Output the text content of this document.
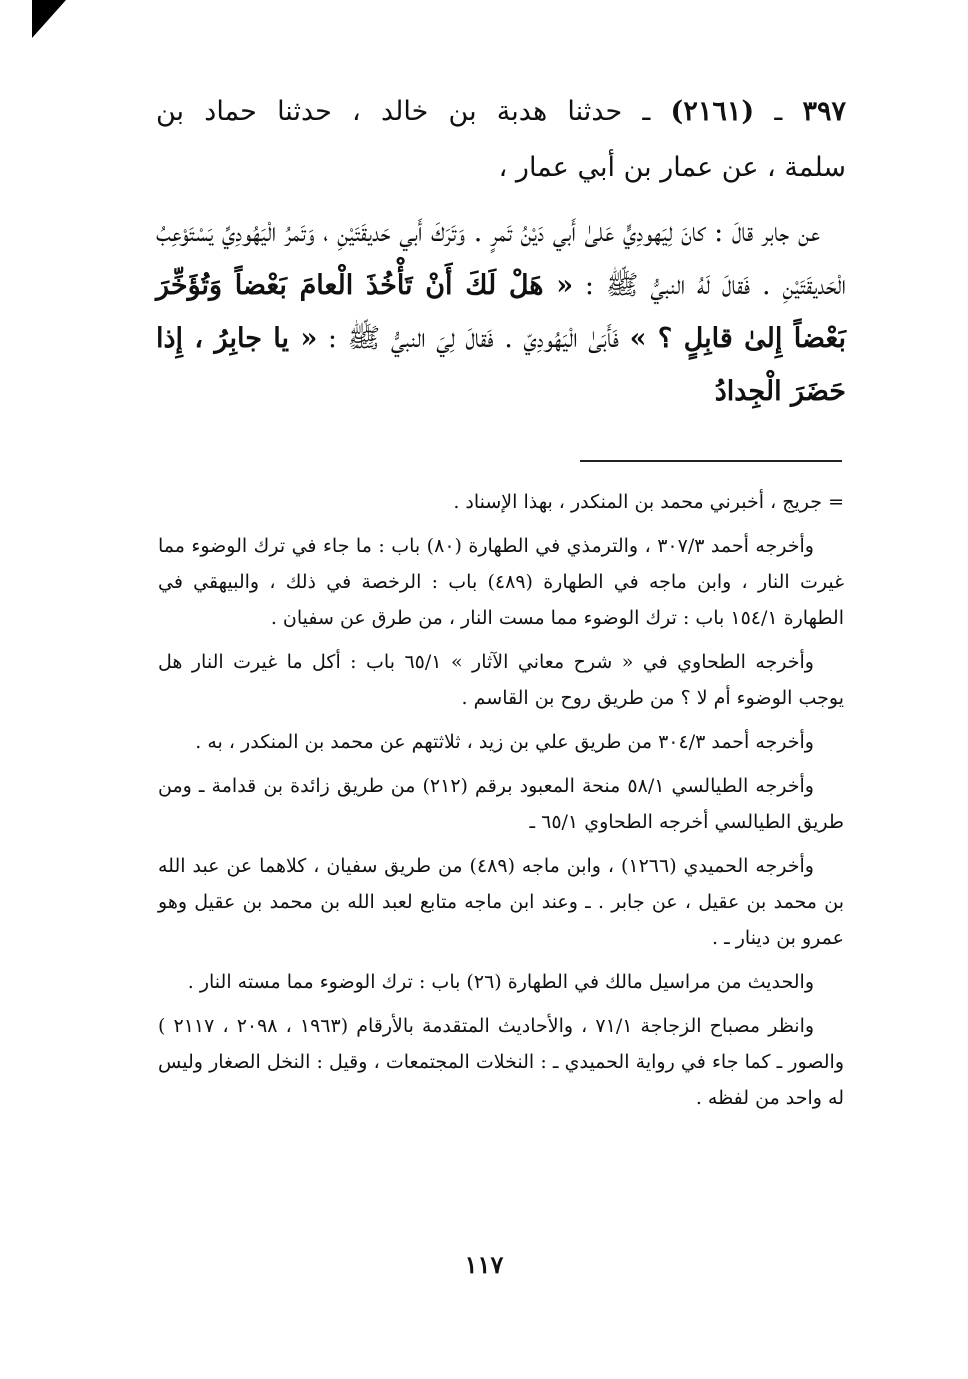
٣٩٧ ـ (٢١٦١) ـ حدثنا هدبة بن خالد ، حدثنا حماد بن
سلمة ، عن عمار بن أبي عمار ،
عن جابر قالَ : كانَ لِيَهودِيٍّ عَلىٰ أَبي دَيْنُ تَمرٍ . وَتَرَكَ أَبي حَديقَتَيْنِ ، وَتَمرُ الْيَهُودِيِّ يَسْتَوْعِبُ الْحَديقَتَيْنِ . فَقالَ لَهُ النبيُّ ﷺ : « هَلْ لَكَ أَنْ تَأْخُذَ الْعامَ بَعْضاً وَتُؤَخِّرَ بَعْضاً إِلىٰ قابِلٍ ؟ » فَأَبَىٰ الْيَهُودِيّ . فَقالَ لِيَ النبيُّ ﷺ : « يا جابِرُ ، إِذا حَضَرَ الْجِدادُ

= جريج ، أخبرني محمد بن المنكدر ، بهذا الإسناد .

وأخرجه أحمد ٣٠٧/٣ ، والترمذي في الطهارة (٨٠) باب : ما جاء في ترك الوضوء مما غيرت النار ، وابن ماجه في الطهارة (٤٨٩) باب : الرخصة في ذلك ، والبيهقي في الطهارة ١٥٤/١ باب : ترك الوضوء مما مست النار ، من طرق عن سفيان .

وأخرجه الطحاوي في « شرح معاني الآثار » ٦٥/١ باب : أكل ما غيرت النار هل يوجب الوضوء أم لا ؟ من طريق روح بن القاسم .

وأخرجه أحمد ٣٠٤/٣ من طريق علي بن زيد ، ثلاثتهم عن محمد بن المنكدر ، به .

وأخرجه الطيالسي ٥٨/١ منحة المعبود برقم (٢١٢) من طريق زائدة بن قدامة ـ ومن طريق الطيالسي أخرجه الطحاوي ٦٥/١ ـ

وأخرجه الحميدي (١٢٦٦) ، وابن ماجه (٤٨٩) من طريق سفيان ، كلاهما عن عبد الله بن محمد بن عقيل ، عن جابر . ـ وعند ابن ماجه متابع لعبد الله بن محمد بن عقيل وهو عمرو بن دينار ـ .

والحديث من مراسيل مالك في الطهارة (٢٦) باب : ترك الوضوء مما مسته النار .

وانظر مصباح الزجاجة ٧١/١ ، والأحاديث المتقدمة بالأرقام (١٩٦٣ ، ٢٠٩٨ ، ٢١١٧ ) والصور ـ كما جاء في رواية الحميدي ـ : النخلات المجتمعات ، وقيل : النخل الصغار وليس له واحد من لفظه .

١١٧
